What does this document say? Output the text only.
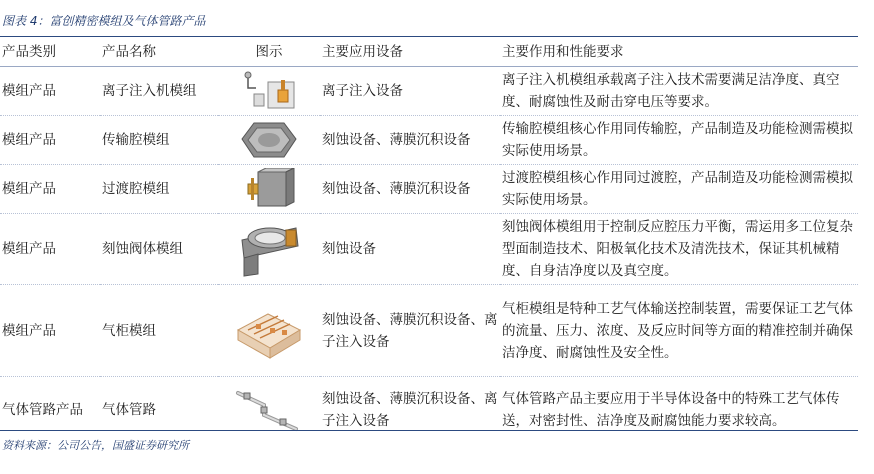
图表 4：富创精密模组及气体管路产品
产品类别	产品名称	图示	主要应用设备	主要作用和性能要求
模组产品	离子注入机模组		离子注入设备	离子注入机模组承载离子注入技术需要满足洁净度、真空度、耐腐蚀性及耐击穿电压等要求。
模组产品	传输腔模组		刻蚀设备、薄膜沉积设备	传输腔模组核心作用同传输腔，产品制造及功能检测需模拟实际使用场景。
模组产品	过渡腔模组		刻蚀设备、薄膜沉积设备	过渡腔模组核心作用同过渡腔，产品制造及功能检测需模拟实际使用场景。
模组产品	刻蚀阀体模组		刻蚀设备	刻蚀阀体模组用于控制反应腔压力平衡，需运用多工位复杂型面制造技术、阳极氧化技术及清洗技术，保证其机械精度、自身洁净度以及真空度。
模组产品	气柜模组		刻蚀设备、薄膜沉积设备、离子注入设备	气柜模组是特种工艺气体输送控制装置，需要保证工艺气体的流量、压力、浓度、及反应时间等方面的精准控制并确保洁净度、耐腐蚀性及安全性。
气体管路产品	气体管路		刻蚀设备、薄膜沉积设备、离子注入设备	气体管路产品主要应用于半导体设备中的特殊工艺气体传送，对密封性、洁净度及耐腐蚀能力要求较高。
资料来源：公司公告，国盛证券研究所
